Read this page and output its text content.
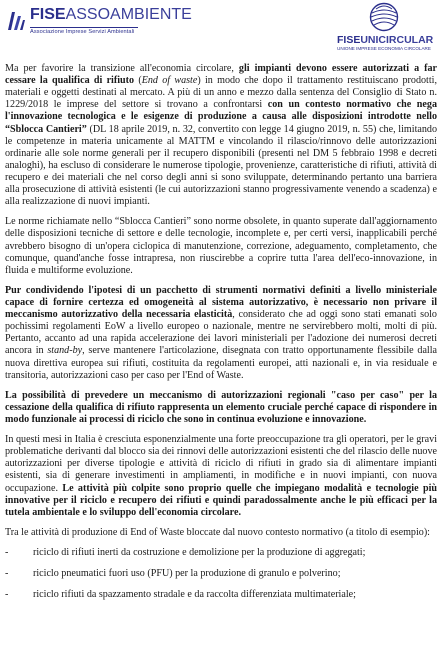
FISEASSOAMBIENTE
Associazione Imprese Servizi Ambientali
FISEUNICIRCULAR
UNIONE IMPRESE ECONOMIA CIRCOLARE

Ma per favorire la transizione all'economia circolare, gli impianti devono essere autorizzati a far cessare la qualifica di rifiuto (End of waste) in modo che dopo il trattamento restituiscano prodotti, materiali e oggetti destinati al mercato. A più di un anno e mezzo dalla sentenza del Consiglio di Stato n. 1229/2018 le imprese del settore si trovano a confrontarsi con un contesto normativo che nega l'innovazione tecnologica e le esigenze di produzione a causa alle disposizioni introdotte nello “Sblocca Cantieri” (DL 18 aprile 2019, n. 32, convertito con legge 14 giugno 2019, n. 55) che, limitando le competenze in materia unicamente al MATTM e vincolando il rilascio/rinnovo delle autorizzazioni ordinarie alle sole norme generali per il recupero disponibili (presenti nel DM 5 febbraio 1998 e decreti analoghi), ha escluso di considerare le numerose tipologie, provenienze, caratteristiche di rifiuti, attività di recupero e dei materiali che nel corso degli anni si sono sviluppate, determinando pertanto una barriera alla prosecuzione di attività esistenti (le cui autorizzazioni stanno progressivamente venendo a scadenza) e alla realizzazione di nuovi impianti.

Le norme richiamate nello “Sblocca Cantieri” sono norme obsolete, in quanto superate dall'aggiornamento delle disposizioni tecniche di settore e delle tecnologie, incomplete e, per certi versi, inapplicabili perché avrebbero bisogno di un'opera ciclopica di manutenzione, correzione, adeguamento, completamento, che comunque, quand'anche fosse intrapresa, non riuscirebbe a coprire tutta l'area dell'eco-innovazione, in fluida e multiforme evoluzione.

Pur condividendo l'ipotesi di un pacchetto di strumenti normativi definiti a livello ministeriale capace di fornire certezza ed omogeneità al sistema autorizzativo, è necessario non privare il meccanismo autorizzativo della necessaria elasticità, considerato che ad oggi sono stati emanati solo pochissimi regolamenti EoW a livello europeo o nazionale, mentre ne servirebbero molti, molti di più. Pertanto, accanto ad una rapida accelerazione dei lavori ministeriali per l'adozione dei numerosi decreti ancora in stand-by, serve mantenere l'articolazione, disegnata con tratto opportunamente flessibile dalla nuova direttiva europea sui rifiuti, costituita da regolamenti europei, atti nazionali e, in via residuale e transitoria, autorizzazioni caso per caso per l'End of Waste.

La possibilità di prevedere un meccanismo di autorizzazioni regionali "caso per caso" per la cessazione della qualifica di rifiuto rappresenta un elemento cruciale perché capace di rispondere in modo funzionale ai processi di riciclo che sono in continua evoluzione e innovazione.

In questi mesi in Italia è cresciuta esponenzialmente una forte preoccupazione tra gli operatori, per le gravi problematiche derivanti dal blocco sia dei rinnovi delle autorizzazioni esistenti che del rilascio delle nuove autorizzazioni per diverse tipologie e attività di riciclo di rifiuti in grado sia di alimentare impianti esistenti, sia di generare investimenti in ampliamenti, in modifiche e in nuovi impianti, con nuova occupazione. Le attività più colpite sono proprio quelle che impiegano modalità e tecnologie più innovative per il riciclo e recupero dei rifiuti e quindi paradossalmente anche le più efficaci per la tutela ambientale e lo sviluppo dell'economia circolare.

Tra le attività di produzione di End of Waste bloccate dal nuovo contesto normativo (a titolo di esempio):

- riciclo di rifiuti inerti da costruzione e demolizione per la produzione di aggregati;
- riciclo pneumatici fuori uso (PFU) per la produzione di granulo e polverino;
- riciclo rifiuti da spazzamento stradale e da raccolta differenziata multimateriale;
